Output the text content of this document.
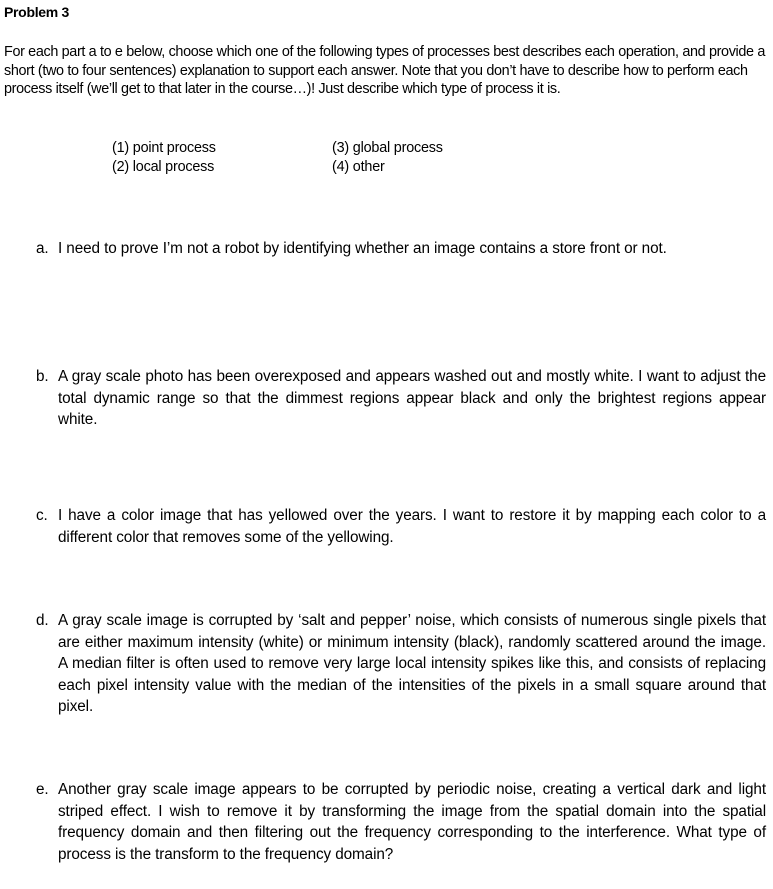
Problem 3

For each part a to e below, choose which one of the following types of processes best describes each operation, and provide a short (two to four sentences) explanation to support each answer. Note that you don’t have to describe how to perform each process itself (we’ll get to that later in the course…)! Just describe which type of process it is.

(1) point process
(2) local process
(3) global process
(4) other
a. I need to prove I’m not a robot by identifying whether an image contains a store front or not.
b. A gray scale photo has been overexposed and appears washed out and mostly white. I want to adjust the total dynamic range so that the dimmest regions appear black and only the brightest regions appear white.
c. I have a color image that has yellowed over the years. I want to restore it by mapping each color to a different color that removes some of the yellowing.
d. A gray scale image is corrupted by ‘salt and pepper’ noise, which consists of numerous single pixels that are either maximum intensity (white) or minimum intensity (black), randomly scattered around the image. A median filter is often used to remove very large local intensity spikes like this, and consists of replacing each pixel intensity value with the median of the intensities of the pixels in a small square around that pixel.
e. Another gray scale image appears to be corrupted by periodic noise, creating a vertical dark and light striped effect. I wish to remove it by transforming the image from the spatial domain into the spatial frequency domain and then filtering out the frequency corresponding to the interference. What type of process is the transform to the frequency domain?
